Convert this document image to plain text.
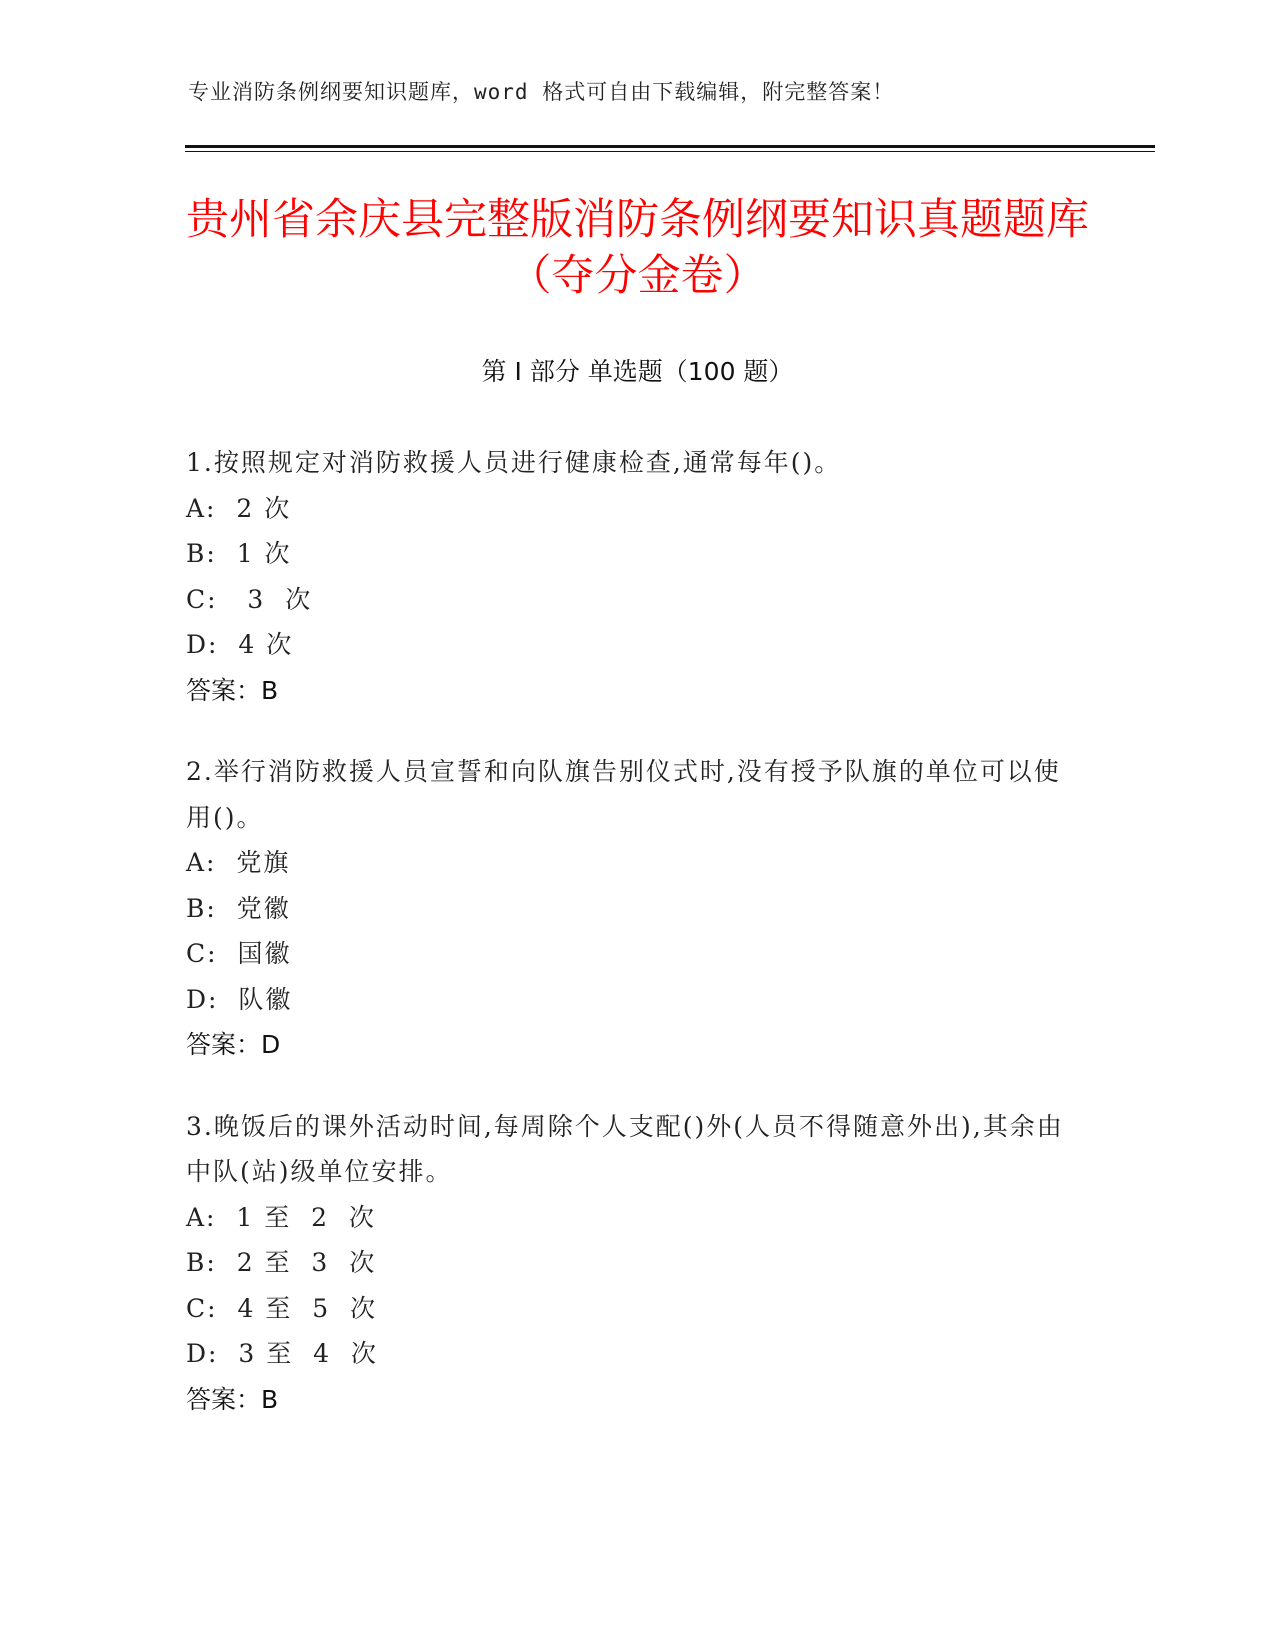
专业消防条例纲要知识题库，word 格式可自由下载编辑，附完整答案！
贵州省余庆县完整版消防条例纲要知识真题题库（夺分金卷）
第 I 部分 单选题（100 题）
1.按照规定对消防救援人员进行健康检查,通常每年()。
A:  2 次
B:  1 次
C:   3  次
D:  4 次
答案：B
2.举行消防救援人员宣誓和向队旗告别仪式时,没有授予队旗的单位可以使用()。
A:  党旗
B:  党徽
C:  国徽
D:  队徽
答案：D
3.晚饭后的课外活动时间,每周除个人支配()外(人员不得随意外出),其余由中队(站)级单位安排。
A:  1 至  2  次
B:  2 至  3  次
C:  4 至  5  次
D:  3 至  4  次
答案：B
